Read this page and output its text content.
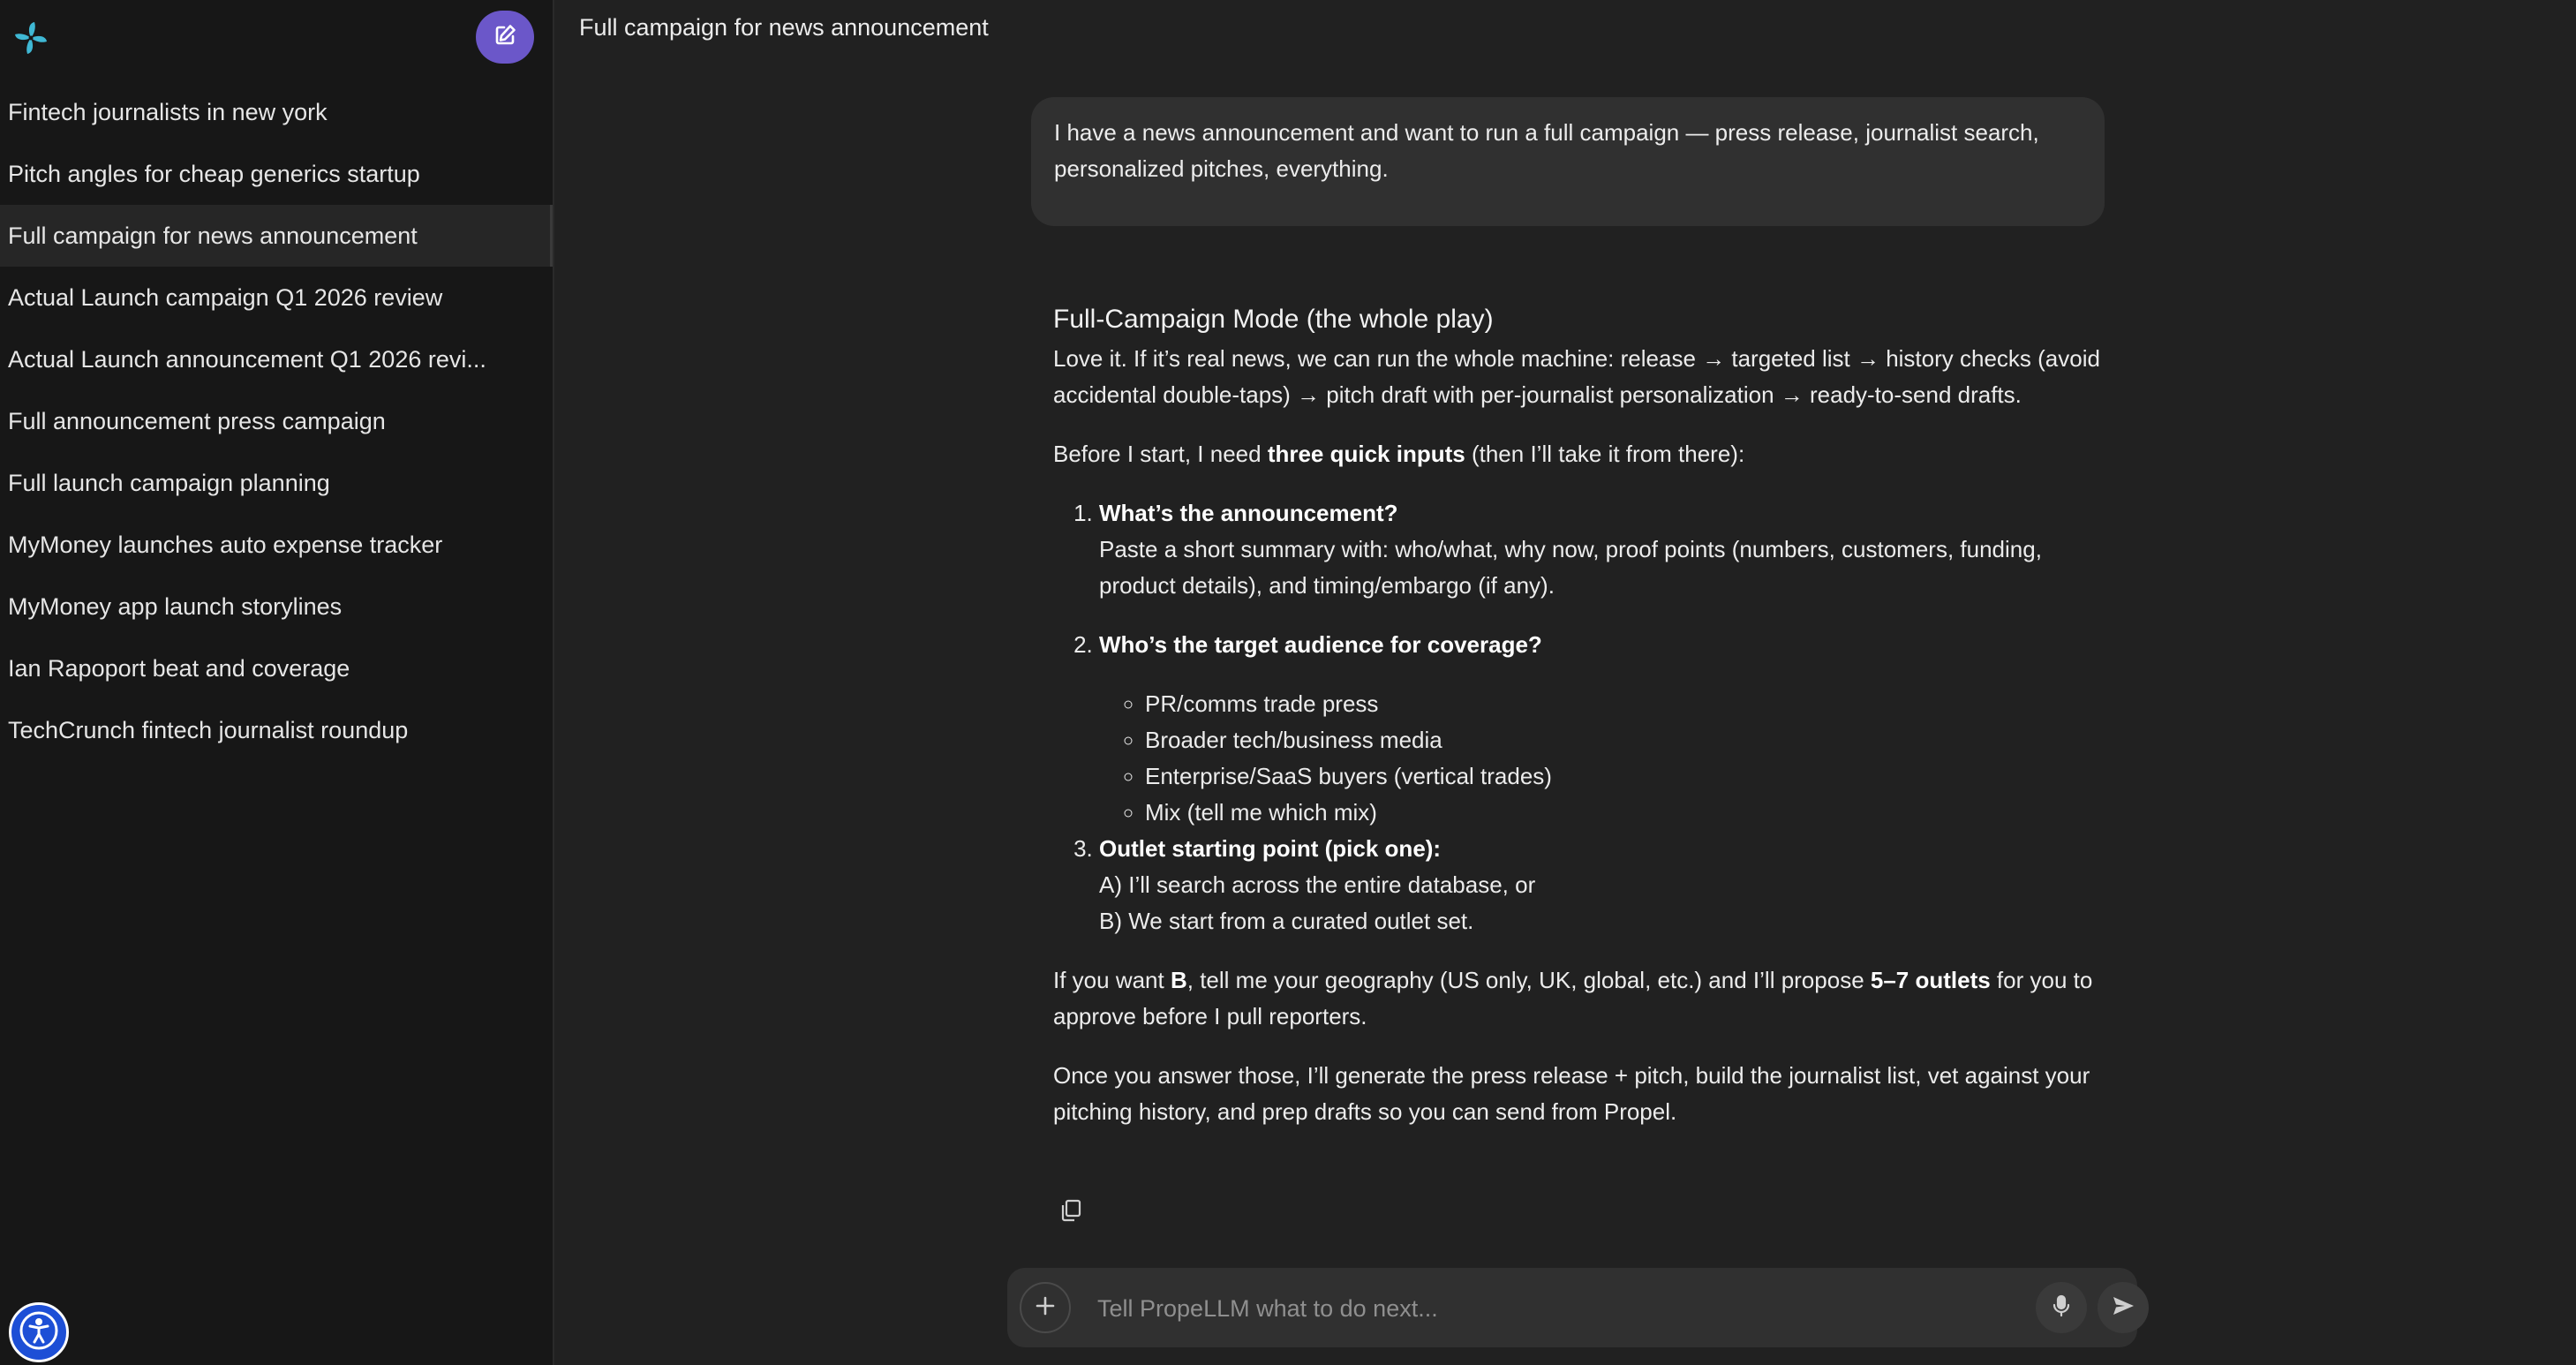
Fintech journalists in new york
Pitch angles for cheap generics startup
Full campaign for news announcement
Actual Launch campaign Q1 2026 review
Actual Launch announcement Q1 2026 revi...
Full announcement press campaign
Full launch campaign planning
MyMoney launches auto expense tracker
MyMoney app launch storylines
Ian Rapoport beat and coverage
TechCrunch fintech journalist roundup
Full campaign for news announcement
I have a news announcement and want to run a full campaign — press release, journalist search, personalized pitches, everything.
Full-Campaign Mode (the whole play)

Love it. If it’s real news, we can run the whole machine: release → targeted list → history checks (avoid accidental double-taps) → pitch draft with per-journalist personalization → ready-to-send drafts.

Before I start, I need three quick inputs (then I’ll take it from there):

1. What’s the announcement?
Paste a short summary with: who/what, why now, proof points (numbers, customers, funding, product details), and timing/embargo (if any).
2. Who’s the target audience for coverage?
◦ PR/comms trade press
◦ Broader tech/business media
◦ Enterprise/SaaS buyers (vertical trades)
◦ Mix (tell me which mix)
3. Outlet starting point (pick one):
A) I’ll search across the entire database, or
B) We start from a curated outlet set.

If you want B, tell me your geography (US only, UK, global, etc.) and I’ll propose 5–7 outlets for you to approve before I pull reporters.

Once you answer those, I’ll generate the press release + pitch, build the journalist list, vet against your pitching history, and prep drafts so you can send from Propel.

Tell PropeLLM what to do next...
